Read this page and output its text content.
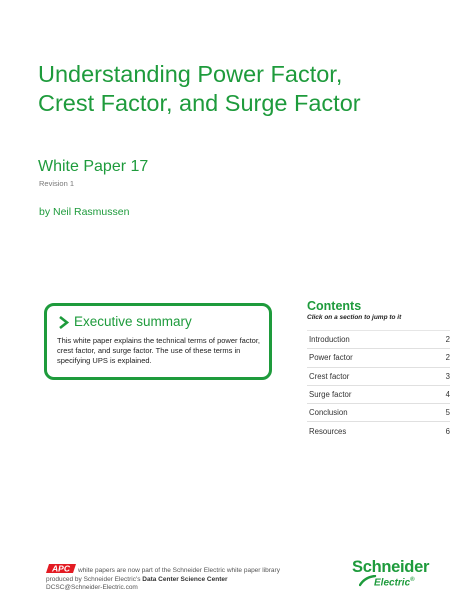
Understanding Power Factor,
Crest Factor, and Surge Factor
White Paper 17
Revision 1
by Neil Rasmussen
Executive summary
This white paper explains the technical terms of power factor, crest factor, and surge factor. The use of these terms in specifying UPS is explained.
Contents
Click on a section to jump to it
Introduction	2
Power factor	2
Crest factor	3
Surge factor	4
Conclusion	5
Resources	6
APC white papers are now part of the Schneider Electric white paper library
produced by Schneider Electric's Data Center Science Center
DCSC@Schneider-Electric.com
Schneider
Electric®
